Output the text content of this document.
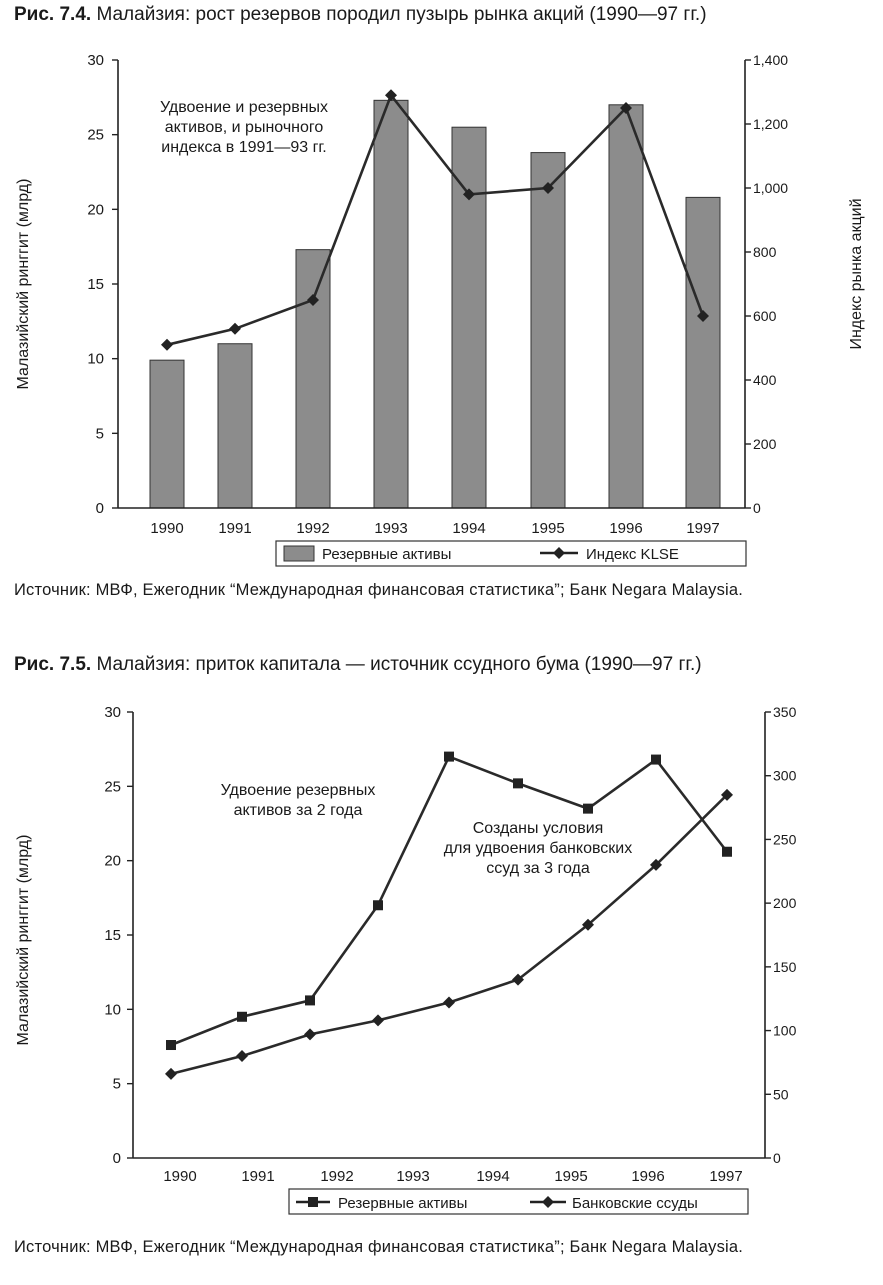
Рис. 7.4. Малайзия: рост резервов породил пузырь рынка акций (1990—97 гг.)
0
5
10
15
20
25
30
0
200
400
600
800
1,000
1,200
1,400
1990 1991	1992	1993	1994	1995	1996	1997
Малазийский ринггит (млрд)	Индекс рынка акций
Удвоение и резервных
активов, и рыночного
индекса в 1991—93 гг.
Резервные активы	Индекс KLSE
Источник: МВФ, Ежегодник “Международная финансовая статистика”; Банк Negara Malaysia.
Рис. 7.5. Малайзия: приток капитала — источник ссудного бума (1990—97 гг.)
0
5
10
15
20
25
30
0
50
100
150
200
250
300
350
1990	1991	1992	1993	1994	1995	1996	1997
Малазийский ринггит (млрд)
Удвоение резервных
активов за 2 года
Созданы условия
для удвоения банковских
ссуд за 3 года
Резервные активы	Банковские ссуды
Источник: МВФ, Ежегодник “Международная финансовая статистика”; Банк Negara Malaysia.
